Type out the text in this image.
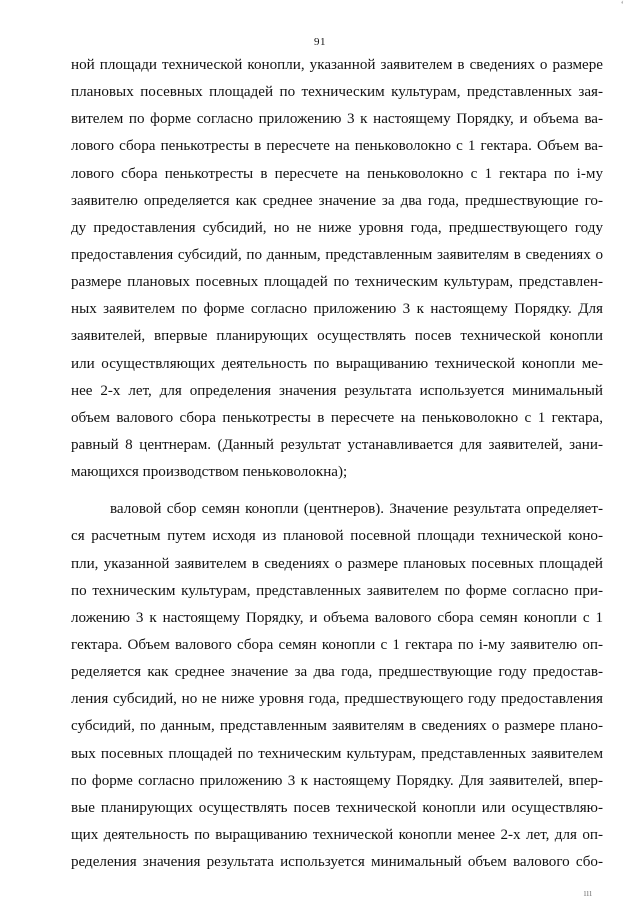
‘
91
ной площади технической конопли, указанной заявителем в сведениях о размере
плановых посевных площадей по техническим культурам, представленных зая-
вителем по форме согласно приложению 3 к настоящему Порядку, и объема ва-
лового сбора пенькотресты в пересчете на пеньковолокно с 1 гектара. Объем ва-
лового сбора пенькотресты в пересчете на пеньковолокно с 1 гектара по i-му
заявителю определяется как среднее значение за два года, предшествующие го-
ду предоставления субсидий, но не ниже уровня года, предшествующего году
предоставления субсидий, по данным, представленным заявителям в сведениях о
размере плановых посевных площадей по техническим культурам, представлен-
ных заявителем по форме согласно приложению 3 к настоящему Порядку. Для
заявителей, впервые планирующих осуществлять посев технической конопли
или осуществляющих деятельность по выращиванию технической конопли ме-
нее 2-х лет, для определения значения результата используется минимальный
объем валового сбора пенькотресты в пересчете на пеньковолокно с 1 гектара,
равный 8 центнерам. (Данный результат устанавливается для заявителей, зани-
мающихся производством пеньковолокна);
валовой сбор семян конопли (центнеров). Значение результата определяет-
ся расчетным путем исходя из плановой посевной площади технической коно-
пли, указанной заявителем в сведениях о размере плановых посевных площадей
по техническим культурам, представленных заявителем по форме согласно при-
ложению 3 к настоящему Порядку, и объема валового сбора семян конопли с 1
гектара. Объем валового сбора семян конопли с 1 гектара по i-му заявителю оп-
ределяется как среднее значение за два года, предшествующие году предостав-
ления субсидий, но не ниже уровня года, предшествующего году предоставления
субсидий, по данным, представленным заявителям в сведениях о размере плано-
вых посевных площадей по техническим культурам, представленных заявителем
по форме согласно приложению 3 к настоящему Порядку. Для заявителей, впер-
вые планирующих осуществлять посев технической конопли или осуществляю-
щих деятельность по выращиванию технической конопли менее 2-х лет, для оп-
ределения значения результата используется минимальный объем валового сбо-
ııı
